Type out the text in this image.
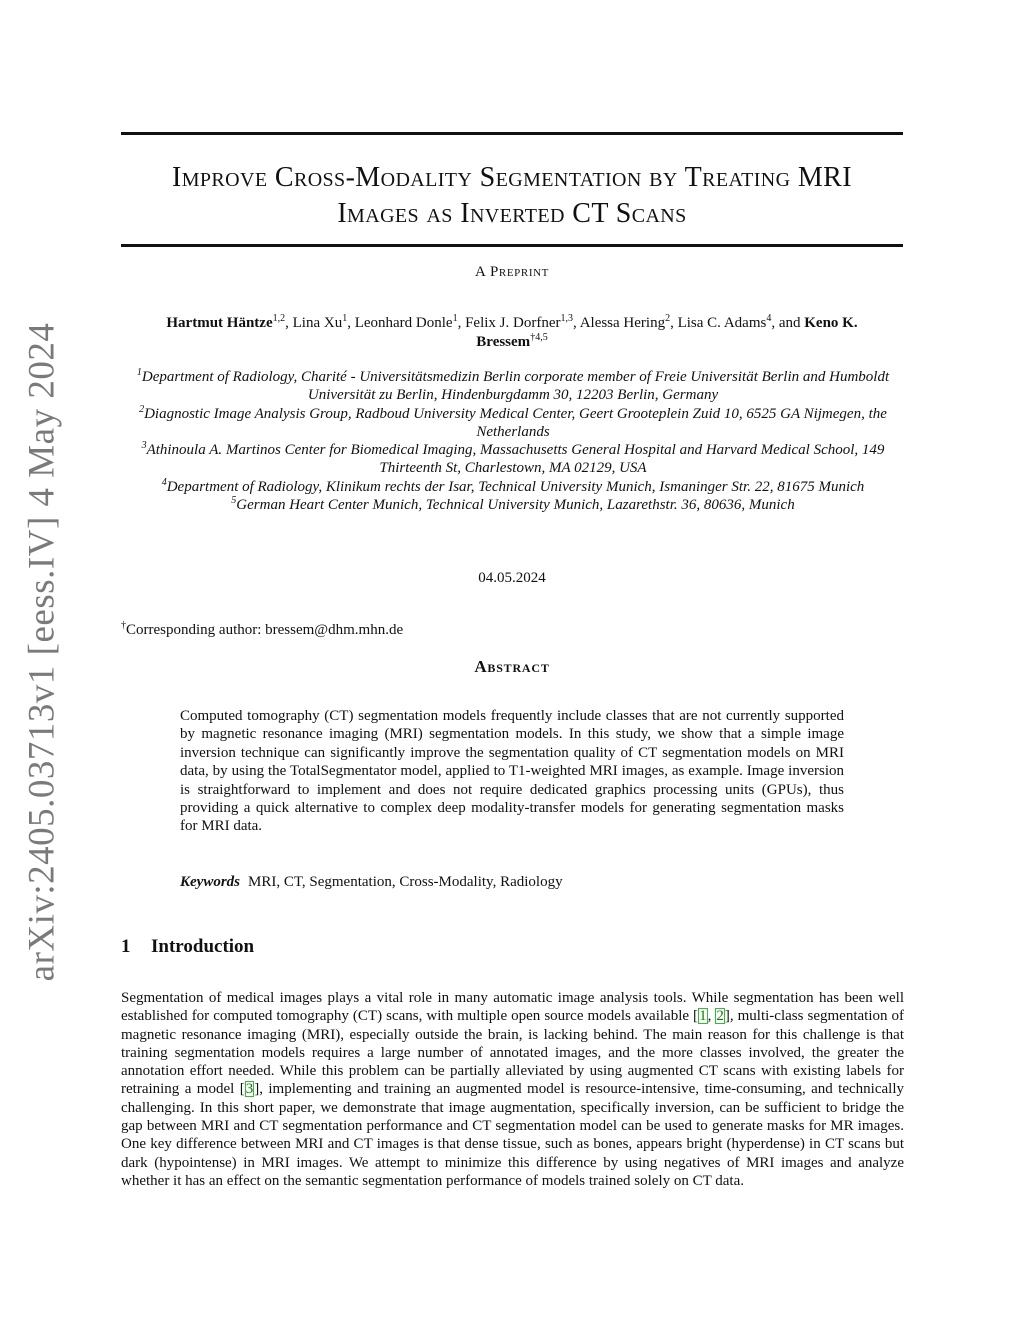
arXiv:2405.03713v1 [eess.IV] 4 May 2024
Improve Cross-Modality Segmentation by Treating MRI
Images as Inverted CT Scans
A Preprint
Hartmut Häntze$^{1,2}$, Lina Xu$^1$, Leonhard Donle$^1$, Felix J. Dorfner$^{1,3}$, Alessa Hering$^2$, Lisa C. Adams$^4$, and Keno K.
Bressem$^{\dagger 4,5}$

$^1$Department of Radiology, Charité - Universitätsmedizin Berlin corporate member of Freie Universität Berlin and Humboldt Universität zu Berlin, Hindenburgdamm 30, 12203 Berlin, Germany

$^2$Diagnostic Image Analysis Group, Radboud University Medical Center, Geert Grooteplein Zuid 10, 6525 GA Nijmegen, the Netherlands

$^3$Athinoula A. Martinos Center for Biomedical Imaging, Massachusetts General Hospital and Harvard Medical School, 149 Thirteenth St, Charlestown, MA 02129, USA

$^4$Department of Radiology, Klinikum rechts der Isar, Technical University Munich, Ismaninger Str. 22, 81675 Munich

$^5$German Heart Center Munich, Technical University Munich, Lazarethstr. 36, 80636, Munich

04.05.2024
†Corresponding author: bressem@dhm.mhn.de
Abstract
Computed tomography (CT) segmentation models frequently include classes that are not currently supported by magnetic resonance imaging (MRI) segmentation models. In this study, we show that a simple image inversion technique can significantly improve the segmentation quality of CT segmentation models on MRI data, by using the TotalSegmentator model, applied to T1-weighted MRI images, as example. Image inversion is straightforward to implement and does not require dedicated graphics processing units (GPUs), thus providing a quick alternative to complex deep modality-transfer models for generating segmentation masks for MRI data.
Keywords MRI, CT, Segmentation, Cross-Modality, Radiology
1 Introduction
Segmentation of medical images plays a vital role in many automatic image analysis tools. While segmentation has been well established for computed tomography (CT) scans, with multiple open source models available [1, 2], multi-class segmentation of magnetic resonance imaging (MRI), especially outside the brain, is lacking behind. The main reason for this challenge is that training segmentation models requires a large number of annotated images, and the more classes involved, the greater the annotation effort needed. While this problem can be partially alleviated by using augmented CT scans with existing labels for retraining a model [3], implementing and training an augmented model is resource-intensive, time-consuming, and technically challenging. In this short paper, we demonstrate that image augmentation, specifically inversion, can be sufficient to bridge the gap between MRI and CT segmentation performance and CT segmentation model can be used to generate masks for MR images. One key difference between MRI and CT images is that dense tissue, such as bones, appears bright (hyperdense) in CT scans but dark (hypointense) in MRI images. We attempt to minimize this difference by using negatives of MRI images and analyze whether it has an effect on the semantic segmentation performance of models trained solely on CT data.
